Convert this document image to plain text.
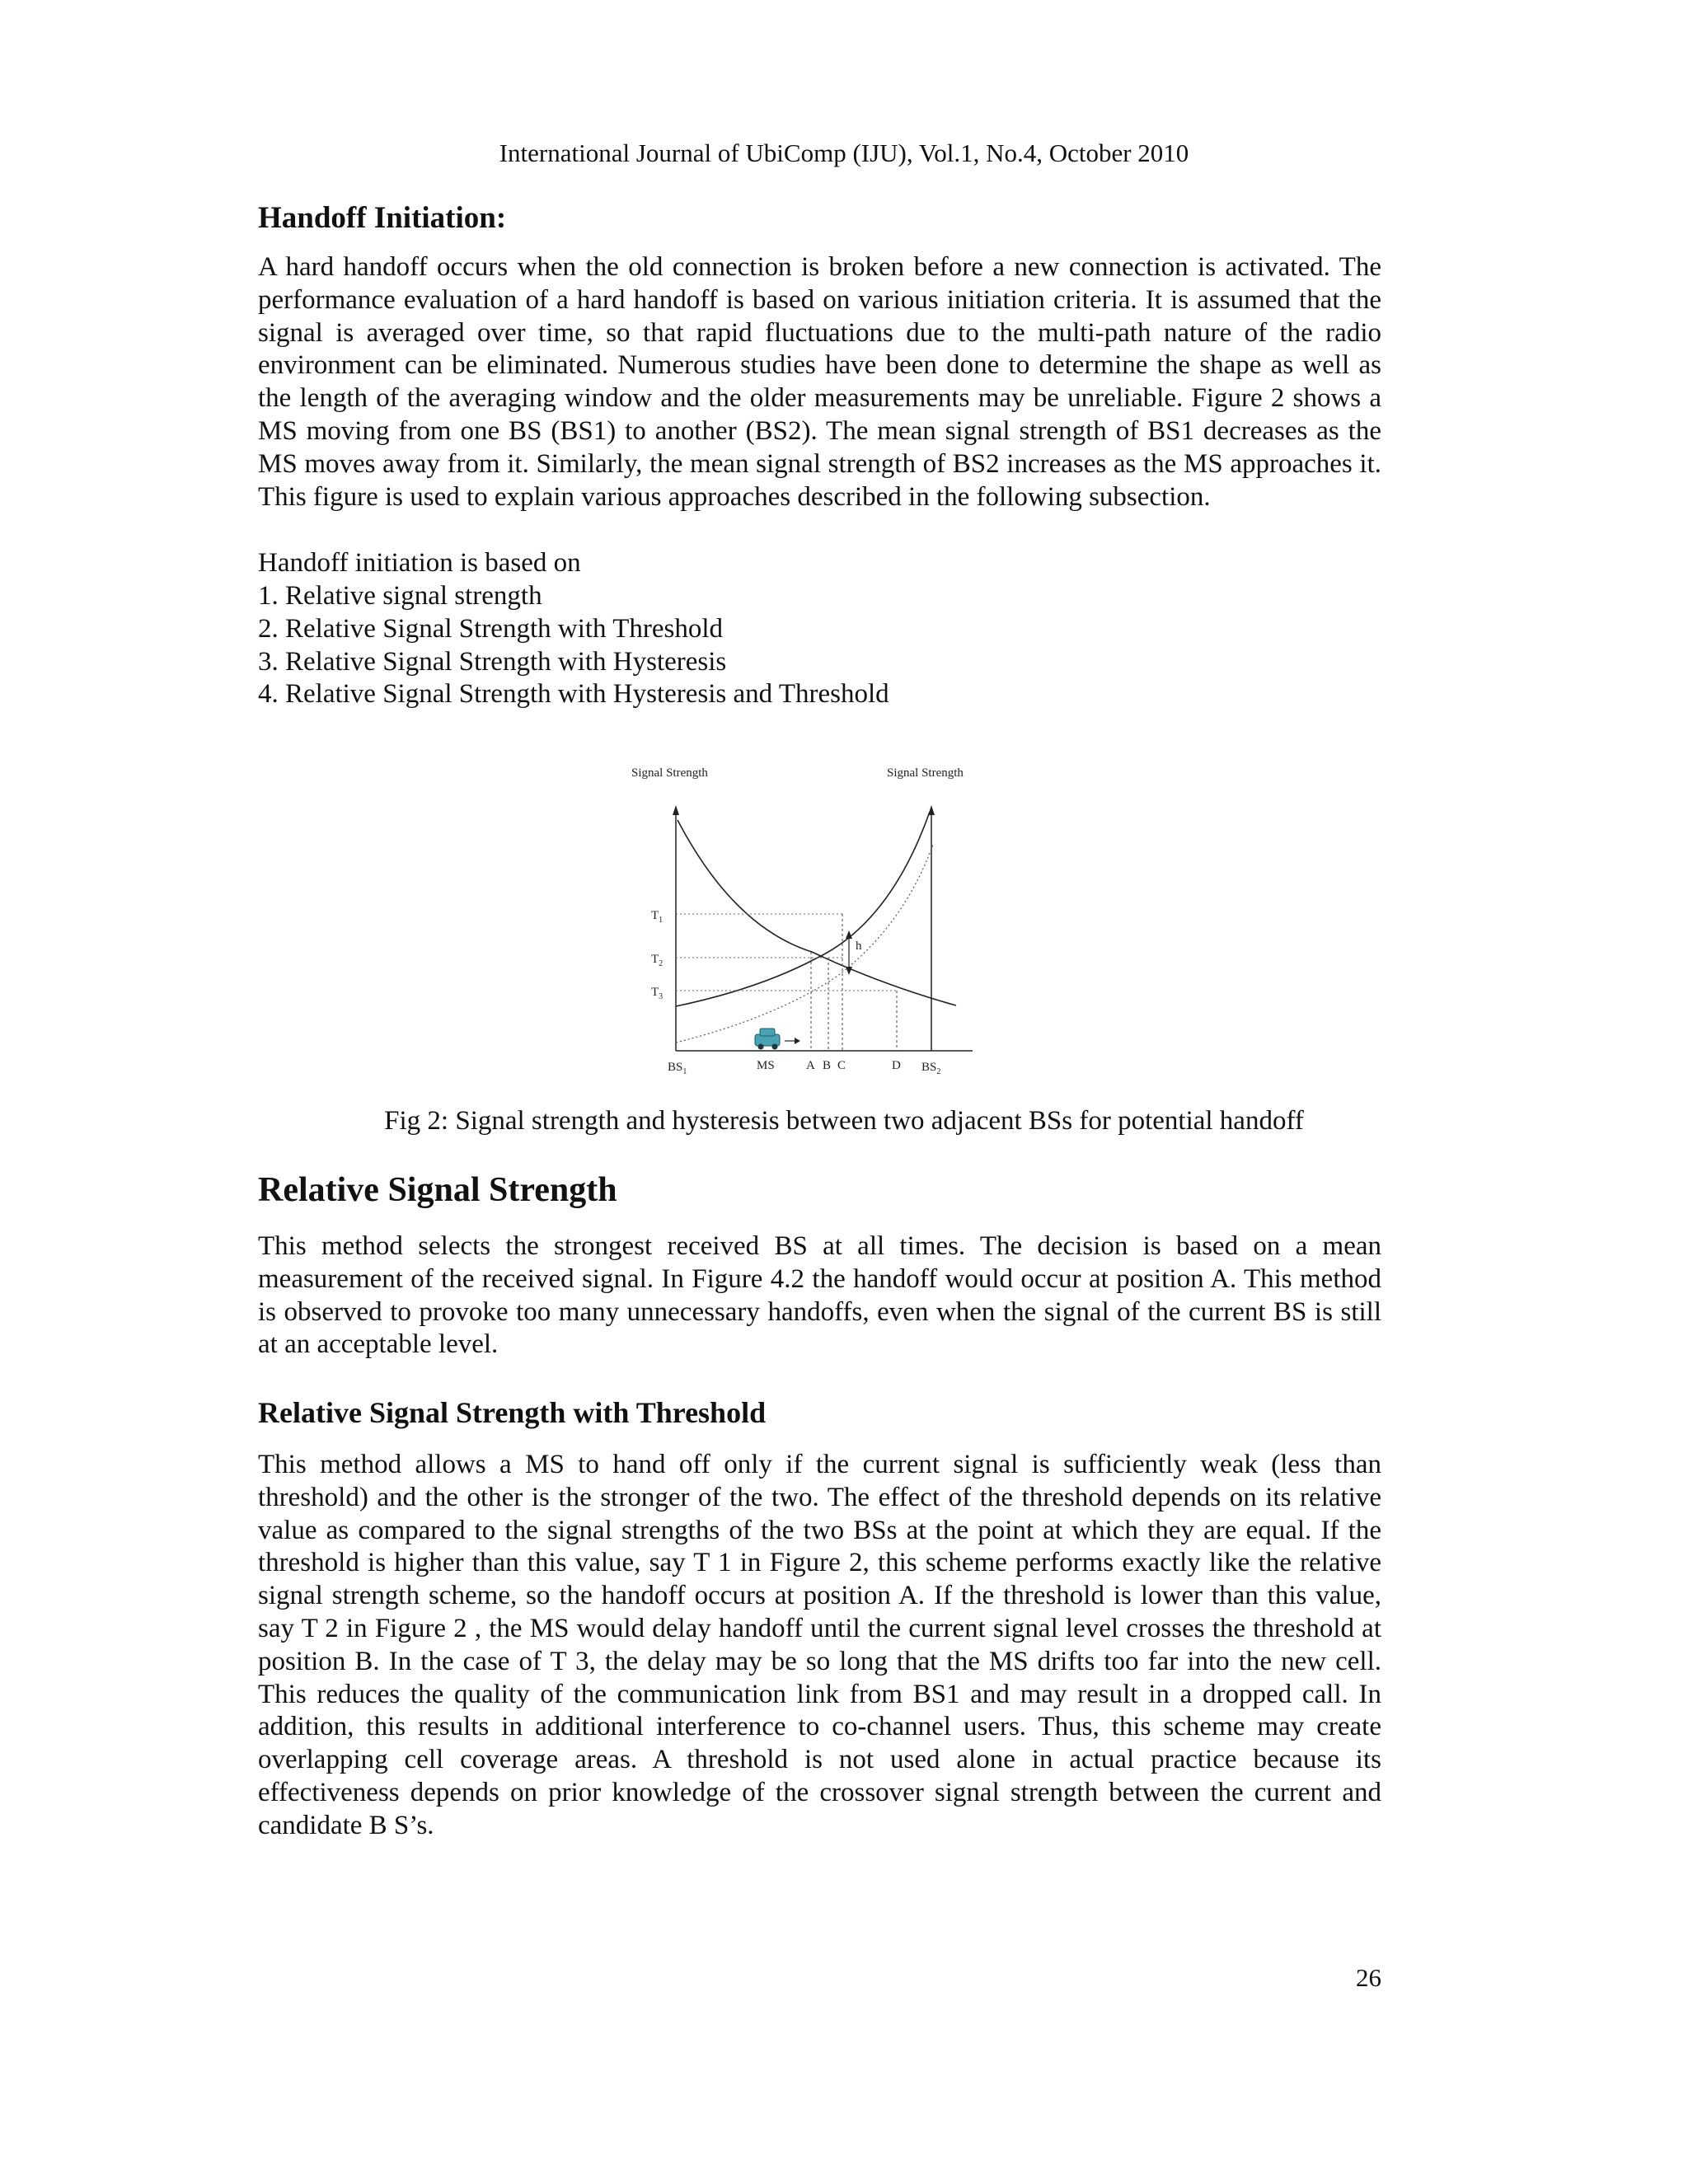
International Journal of UbiComp (IJU), Vol.1, No.4, October 2010
Handoff Initiation:

A hard handoff occurs when the old connection is broken before a new connection is activated. The performance evaluation of a hard handoff is based on various initiation criteria. It is assumed that the signal is averaged over time, so that rapid fluctuations due to the multi-path nature of the radio environment can be eliminated. Numerous studies have been done to determine the shape as well as the length of the averaging window and the older measurements may be unreliable. Figure 2 shows a MS moving from one BS (BS1) to another (BS2). The mean signal strength of BS1 decreases as the MS moves away from it. Similarly, the mean signal strength of BS2 increases as the MS approaches it. This figure is used to explain various approaches described in the following subsection.

Handoff initiation is based on

1. Relative signal strength
2. Relative Signal Strength with Threshold
3. Relative Signal Strength with Hysteresis
4. Relative Signal Strength with Hysteresis and Threshold
Signal Strength	Signal Strength
$T_1$
$T_2$
$T_3$
h
$BS_1$	MS	A B C	D $BS_2$

Fig 2: Signal strength and hysteresis between two adjacent BSs for potential handoff

Relative Signal Strength

This method selects the strongest received BS at all times. The decision is based on a mean measurement of the received signal. In Figure 4.2 the handoff would occur at position A. This method is observed to provoke too many unnecessary handoffs, even when the signal of the current BS is still at an acceptable level.

Relative Signal Strength with Threshold

This method allows a MS to hand off only if the current signal is sufficiently weak (less than threshold) and the other is the stronger of the two. The effect of the threshold depends on its relative value as compared to the signal strengths of the two BSs at the point at which they are equal. If the threshold is higher than this value, say T 1 in Figure 2, this scheme performs exactly like the relative signal strength scheme, so the handoff occurs at position A. If the threshold is lower than this value, say T 2 in Figure 2 , the MS would delay handoff until the current signal level crosses the threshold at position B. In the case of T 3, the delay may be so long that the MS drifts too far into the new cell. This reduces the quality of the communication link from BS1 and may result in a dropped call. In addition, this results in additional interference to co-channel users. Thus, this scheme may create overlapping cell coverage areas. A threshold is not used alone in actual practice because its effectiveness depends on prior knowledge of the crossover signal strength between the current and candidate B S’s.

26
